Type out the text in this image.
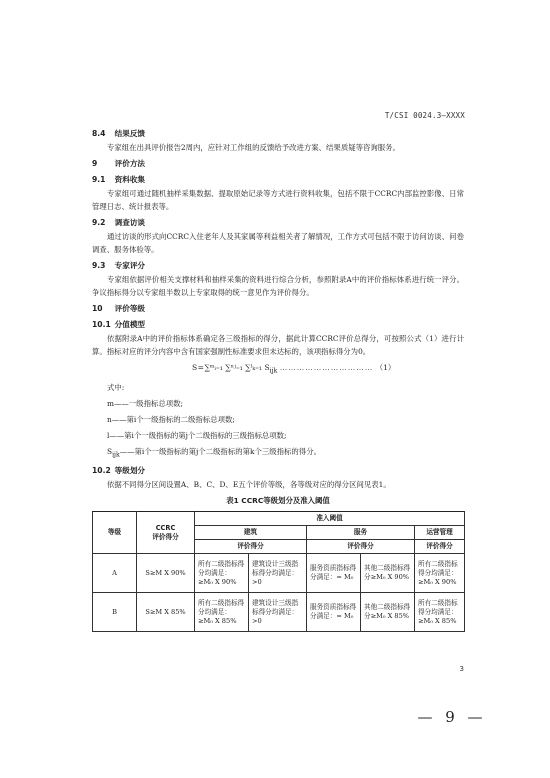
T/CSI 0024.3—XXXX
8.4 结果反馈
专家组在出具评价报告2周内，应针对工作组的反馈给予改进方案、结果质疑等咨询服务。
9 评价方法
9.1 资料收集
专家组可通过随机抽样采集数据、提取原始记录等方式进行资料收集，包括不限于CCRC内部监控影像、日常管理日志、统计报表等。
9.2 调查访谈
通过访谈的形式向CCRC入住老年人及其家属等利益相关者了解情况，工作方式可包括不限于访问访谈、问卷调查、服务体验等。
9.3 专家评分
专家组依据评价相关支撑材料和抽样采集的资料进行综合分析，参照附录A中的评价指标体系进行统一评分。争议指标得分以专家组半数以上专家取得的统一意见作为评价得分。
10 评价等级
10.1 分值模型
依据附录A中的评价指标体系确定各三级指标的得分，据此计算CCRC评价总得分，可按照公式（1）进行计算。指标对应的评分内容中含有国家强制性标准要求但未达标的，该项指标得分为0。
S=∑ᵐᵢ₌₁ ∑ⁿʲ₌₁ ∑ˡₖ₌₁ $S_{ijk}$ …………………………… （1）
式中:
m——一级指标总项数;
n——第i个一级指标的二级指标总项数;
l——第i个一级指标的第j个二级指标的三级指标总项数;
$S_{ijk}——$第i个一级指标的第j个二级指标的第k个三级指标的得分。
10.2 等级划分
依据不同得分区间设置A、B、C、D、E五个评价等级，各等级对应的得分区间见表1。
表1 CCRC等级划分及准入阈值
等级	CCRC
评价得分	准入阈值				
		建筑		服务		运营管理
		评价得分		评价得分		评价得分
A	S≥M X 90%	所有二级指标得分均满足：≥M₀ X 90%	建筑设计三级指标得分均满足：>0	服务资质指标得分满足：= M₀	其他二级指标得分≥M₀ X 90%	所有二级指标得分均满足：≥M₀ X 90%
B	S≥M X 85%	所有二级指标得分均满足：≥M₀ X 85%	建筑设计三级指标得分均满足：>0	服务资质指标得分满足：= M₀	其他二级指标得分≥M₀ X 85%	所有二级指标得分均满足：≥M₀ X 85%
3
— 9 —
